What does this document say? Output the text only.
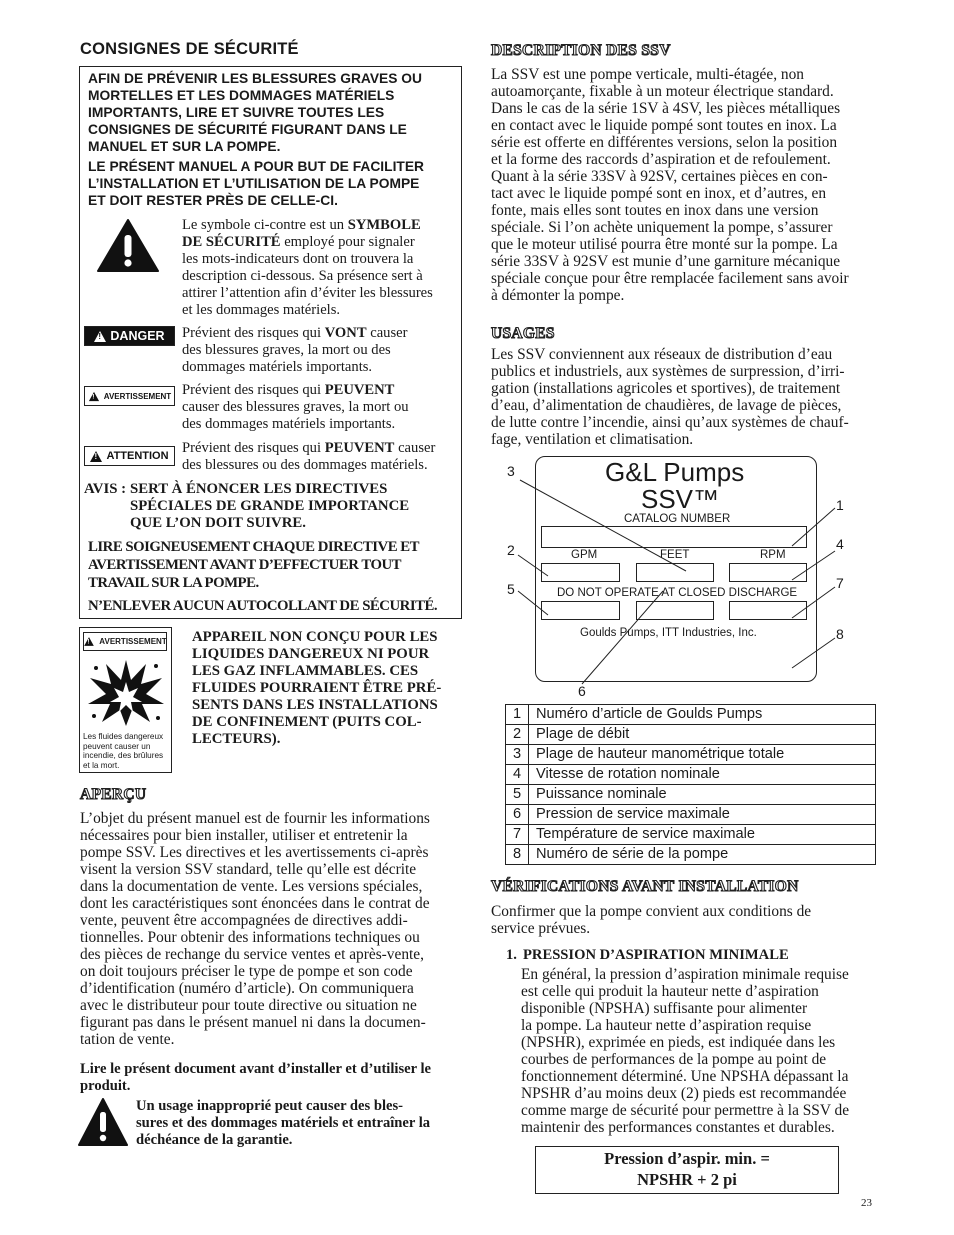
CONSIGNES DE SÉCURITÉ
AFIN DE PRÉVENIR LES BLESSURES GRAVES OU
MORTELLES ET LES DOMMAGES MATÉRIELS
IMPORTANTS, LIRE ET SUIVRE TOUTES LES
CONSIGNES DE SÉCURITÉ FIGURANT DANS LE
MANUEL ET SUR LA POMPE.
LE PRÉSENT MANUEL A POUR BUT DE FACILITER
L’INSTALLATION ET L’UTILISATION DE LA POMPE
ET DOIT RESTER PRÈS DE CELLE-CI.
Le symbole ci-contre est un SYMBOLE
DE SÉCURITÉ employé pour signaler
les mots-indicateurs dont on trouvera la
description ci-dessous. Sa présence sert à
attirer l’attention afin d’éviter les blessures
et les dommages matériels.
!
DANGER Prévient des risques qui VONT causer
des blessures graves, la mort ou des
dommages matériels importants.
!
AVERTISSEMENT Prévient des risques qui PEUVENT
causer des blessures graves, la mort ou
des dommages matériels importants.
!
ATTENTION Prévient des risques qui PEUVENT causer
des blessures ou des dommages matériels.
AVIS : SERT À ÉNONCER LES DIRECTIVES
SPÉCIALES DE GRANDE IMPORTANCE
QUE L’ON DOIT SUIVRE.
LIRE SOIGNEUSEMENT CHAQUE DIRECTIVE ET
AVERTISSEMENT AVANT D’EFFECTUER TOUT
TRAVAIL SUR LA POMPE.
N’ENLEVER AUCUN AUTOCOLLANT DE SÉCURITÉ.
!
AVERTISSEMENT
Les fluides dangereux
peuvent causer un
incendie, des brûlures
et la mort.
APPAREIL NON CONÇU POUR LES
LIQUIDES DANGEREUX NI POUR
LES GAZ INFLAMMABLES. CES
FLUIDES POURRAIENT ÊTRE PRÉ-
SENTS DANS LES INSTALLATIONS
DE CONFINEMENT (PUITS COL-
LECTEURS).
APERÇU
L’objet du présent manuel est de fournir les informations
nécessaires pour bien installer, utiliser et entretenir la
pompe SSV. Les directives et les avertissements ci-après
visent la version SSV standard, telle qu’elle est décrite
dans la documentation de vente. Les versions spéciales,
dont les caractéristiques sont énoncées dans le contrat de
vente, peuvent être accompagnées de directives addi-
tionnelles. Pour obtenir des informations techniques ou
des pièces de rechange du service ventes et après-vente,
on doit toujours préciser le type de pompe et son code
d’identification (numéro d’article). On communiquera
avec le distributeur pour toute directive ou situation ne
figurant pas dans le présent manuel ni dans la documen-
tation de vente.
Lire le présent document avant d’installer et d’utiliser le
produit.
Un usage inapproprié peut causer des bles-
sures et des dommages matériels et entraîner la
déchéance de la garantie.
DESCRIPTION DES SSV
La SSV est une pompe verticale, multi-étagée, non
autoamorçante, fixable à un moteur électrique standard.
Dans le cas de la série 1SV à 4SV, les pièces métalliques
en contact avec le liquide pompé sont toutes en inox. La
série est offerte en différentes versions, selon la position
et la forme des raccords d’aspiration et de refoulement.
Quant à la série 33SV à 92SV, certaines pièces en con-
tact avec le liquide pompé sont en inox, et d’autres, en
fonte, mais elles sont toutes en inox dans une version
spéciale. Si l’on achète uniquement la pompe, s’assurer
que le moteur utilisé pourra être monté sur la pompe. La
série 33SV à 92SV est munie d’une garniture mécanique
spéciale conçue pour être remplacée facilement sans avoir
à démonter la pompe.
USAGES
Les SSV conviennent aux réseaux de distribution d’eau
publics et industriels, aux systèmes de surpression, d’irri-
gation (installations agricoles et sportives), de traitement
d’eau, d’alimentation de chaudières, de lavage de pièces,
de lutte contre l’incendie, ainsi qu’aux systèmes de chauf-
fage, ventilation et climatisation.
G&L Pumps
SSV™
CATALOG NUMBER
GPM	FEET	RPM
DO NOT OPERATE AT CLOSED DISCHARGE
Goulds Pumps, ITT Industries, Inc.
3
1
2	4
5	7
6
8
1	Numéro d’article de Goulds Pumps
2	Plage de débit
3	Plage de hauteur manométrique totale
4	Vitesse de rotation nominale
5	Puissance nominale
6	Pression de service maximale
7	Température de service maximale
8	Numéro de série de la pompe
VÉRIFICATIONS AVANT INSTALLATION
Confirmer que la pompe convient aux conditions de
service prévues.
1. PRESSION D’ASPIRATION MINIMALE
En général, la pression d’aspiration minimale requise
est celle qui produit la hauteur nette d’aspiration
disponible (NPSHA) suffisante pour alimenter
la pompe. La hauteur nette d’aspiration requise
(NPSHR), exprimée en pieds, est indiquée dans les
courbes de performances de la pompe au point de
fonctionnement déterminé. Une NPSHA dépassant la
NPSHR d’au moins deux (2) pieds est recommandée
comme marge de sécurité pour permettre à la SSV de
maintenir des performances constantes et durables.
Pression d’aspir. min. =
NPSHR + 2 pi
23
